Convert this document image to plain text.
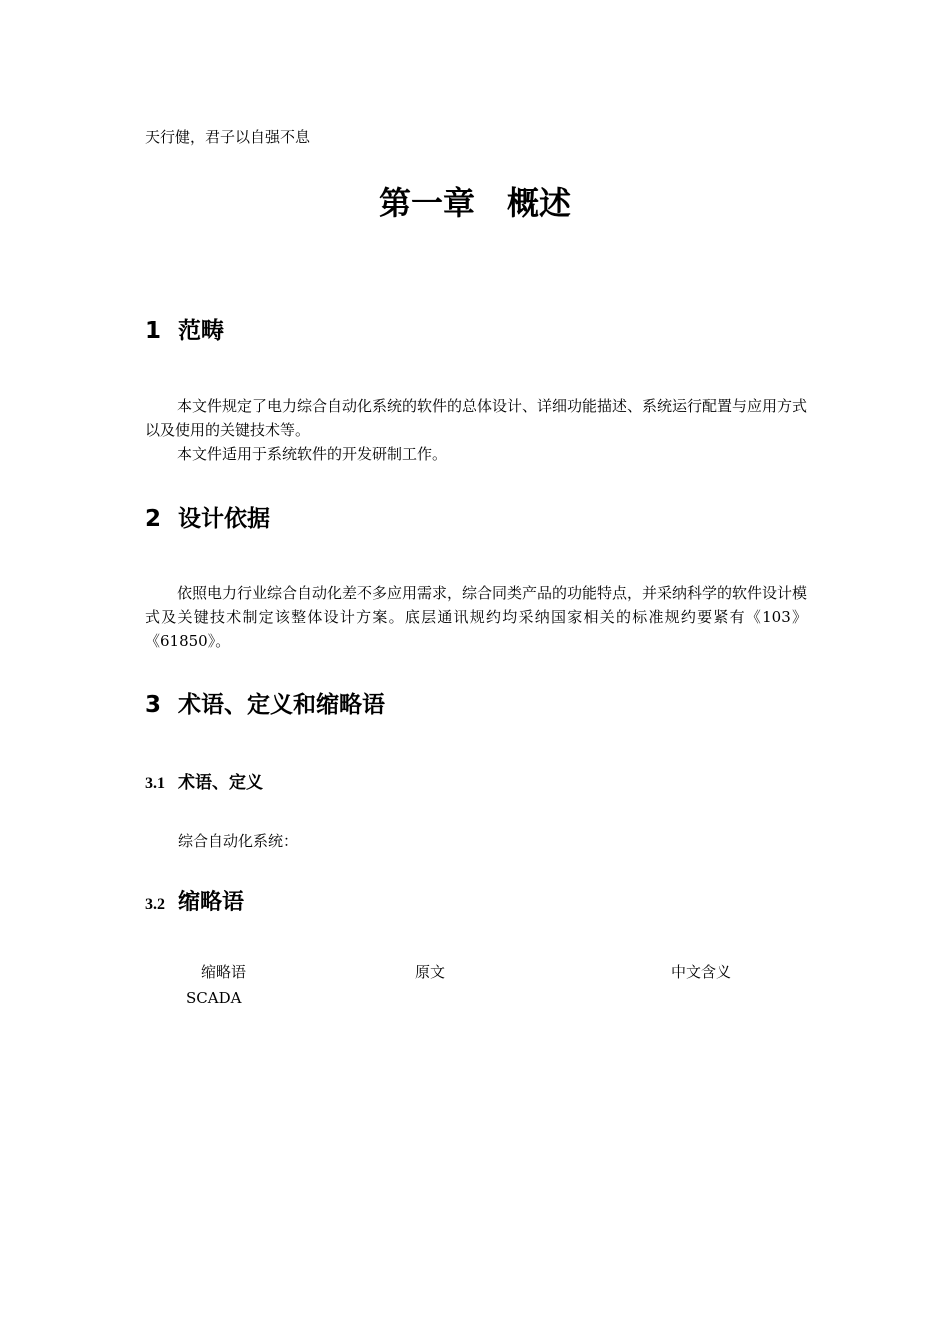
天行健，君子以自强不息
第一章　概述
1 范畴

本文件规定了电力综合自动化系统的软件的总体设计、详细功能描述、系统运行配置与应用方式以及使用的关键技术等。

本文件适用于系统软件的开发研制工作。

2 设计依据

依照电力行业综合自动化差不多应用需求，综合同类产品的功能特点，并采纳科学的软件设计模式及关键技术制定该整体设计方案。底层通讯规约均采纳国家相关的标准规约要紧有《103》《61850》。

3 术语、定义和缩略语
3.1 术语、定义
综合自动化系统：
3.2 缩略语
缩略语	原文	中文含义
SCADA
